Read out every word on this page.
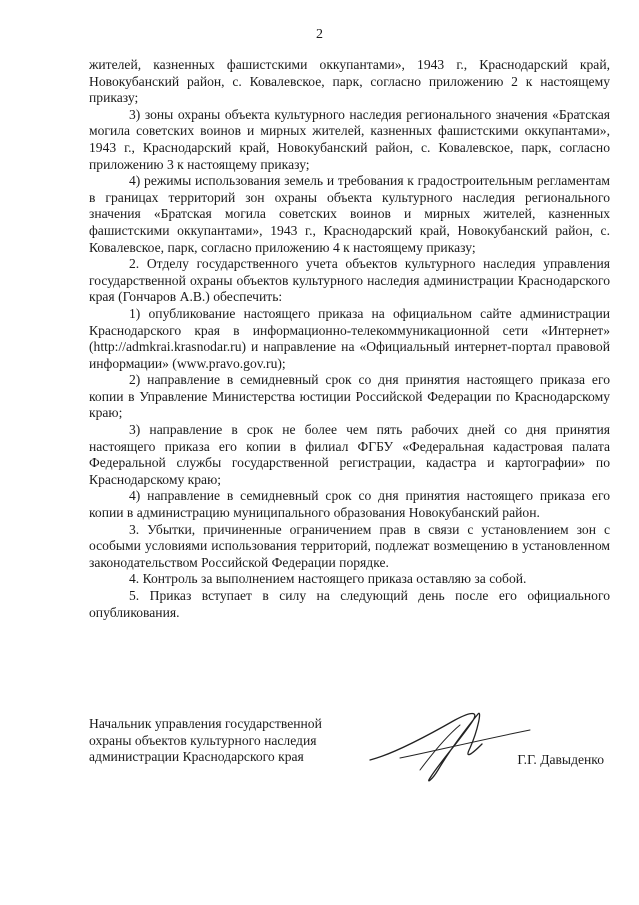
2

жителей, казненных фашистскими оккупантами», 1943 г., Краснодарский край, Новокубанский район, с. Ковалевское, парк, согласно приложению 2 к настоящему приказу;

3) зоны охраны объекта культурного наследия регионального значения «Братская могила советских воинов и мирных жителей, казненных фашистскими оккупантами», 1943 г., Краснодарский край, Новокубанский район, с. Ковалевское, парк, согласно приложению 3 к настоящему приказу;

4) режимы использования земель и требования к градостроительным регламентам в границах территорий зон охраны объекта культурного наследия регионального значения «Братская могила советских воинов и мирных жителей, казненных фашистскими оккупантами», 1943 г., Краснодарский край, Новокубанский район, с. Ковалевское, парк, согласно приложению 4 к настоящему приказу;

2. Отделу государственного учета объектов культурного наследия управления государственной охраны объектов культурного наследия администрации Краснодарского края (Гончаров А.В.) обеспечить:

1) опубликование настоящего приказа на официальном сайте администрации Краснодарского края в информационно-телекоммуникационной сети «Интернет» (http://admkrai.krasnodar.ru) и направление на «Официальный интернет-портал правовой информации» (www.pravo.gov.ru);

2) направление в семидневный срок со дня принятия настоящего приказа его копии в Управление Министерства юстиции Российской Федерации по Краснодарскому краю;

3) направление в срок не более чем пять рабочих дней со дня принятия настоящего приказа его копии в филиал ФГБУ «Федеральная кадастровая палата Федеральной службы государственной регистрации, кадастра и картографии» по Краснодарскому краю;

4) направление в семидневный срок со дня принятия настоящего приказа его копии в администрацию муниципального образования Новокубанский район.

3. Убытки, причиненные ограничением прав в связи с установлением зон с особыми условиями использования территорий, подлежат возмещению в установленном законодательством Российской Федерации порядке.

4. Контроль за выполнением настоящего приказа оставляю за собой.

5. Приказ вступает в силу на следующий день после его официального опубликования.

Начальник управления государственной
охраны объектов культурного наследия
администрации Краснодарского края	Г.Г. Давыденко
